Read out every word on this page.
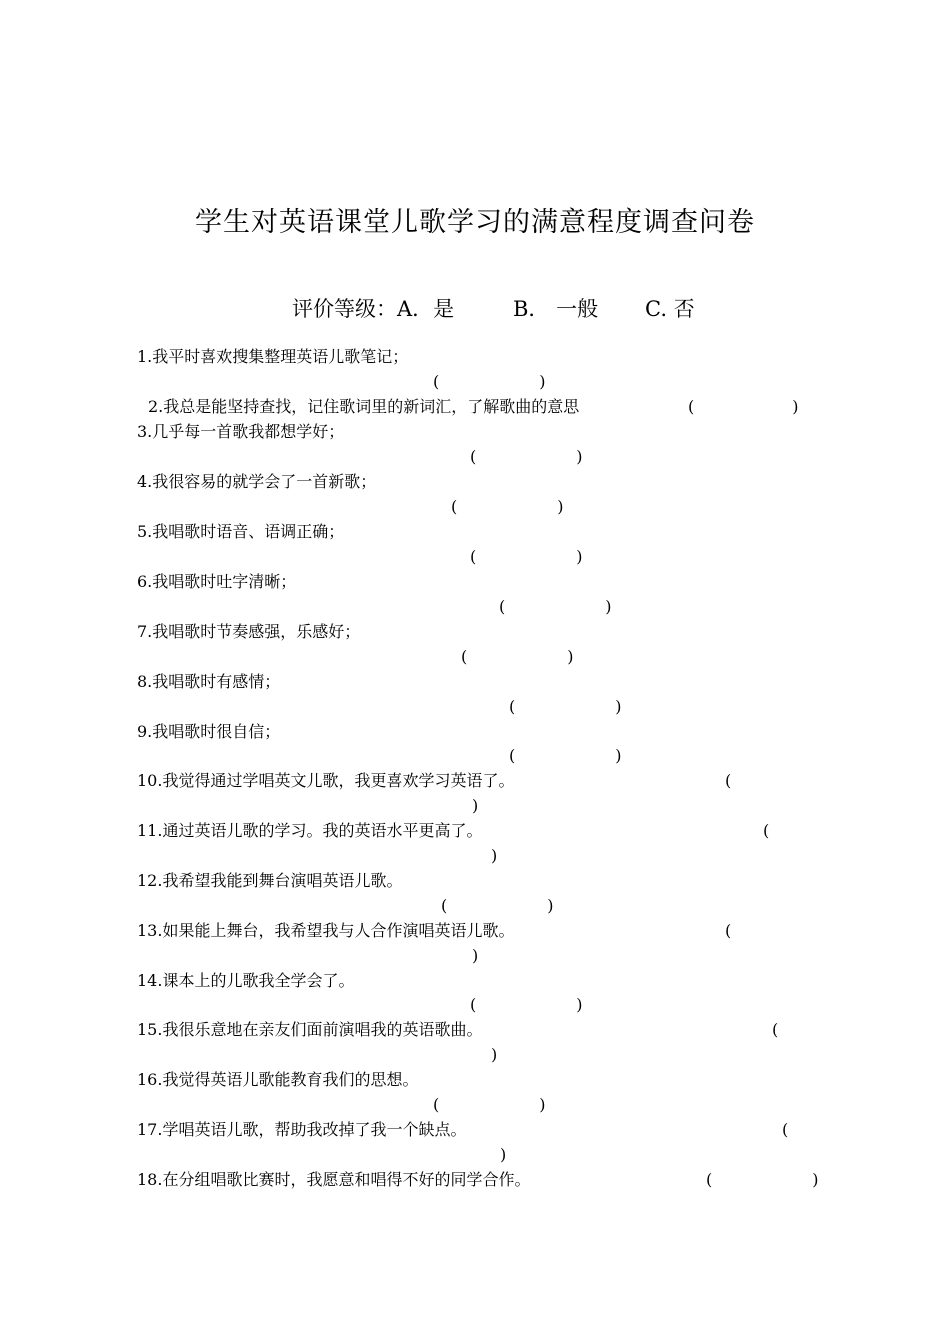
学生对英语课堂儿歌学习的满意程度调查问卷
评价等级：A．是	B． 一般 C. 否
1.我平时喜欢搜集整理英语儿歌笔记；
(	)
2.我总是能坚持查找，记住歌词里的新词汇，了解歌曲的意思	(	)
3.几乎每一首歌我都想学好；
(	)
4.我很容易的就学会了一首新歌；
(	)
5.我唱歌时语音、语调正确；
(	)
6.我唱歌时吐字清晰；
(	)
7.我唱歌时节奏感强，乐感好；
(	)
8.我唱歌时有感情；
(	)
9.我唱歌时很自信；
(	)
10.我觉得通过学唱英文儿歌，我更喜欢学习英语了。	(
)
11.通过英语儿歌的学习。我的英语水平更高了。	(
)
12.我希望我能到舞台演唱英语儿歌。
(	)
13.如果能上舞台，我希望我与人合作演唱英语儿歌。	(
)
14.课本上的儿歌我全学会了。
(	)
15.我很乐意地在亲友们面前演唱我的英语歌曲。	(
)
16.我觉得英语儿歌能教育我们的思想。
(	)
17.学唱英语儿歌，帮助我改掉了我一个缺点。	(
)
18.在分组唱歌比赛时，我愿意和唱得不好的同学合作。	(	)
